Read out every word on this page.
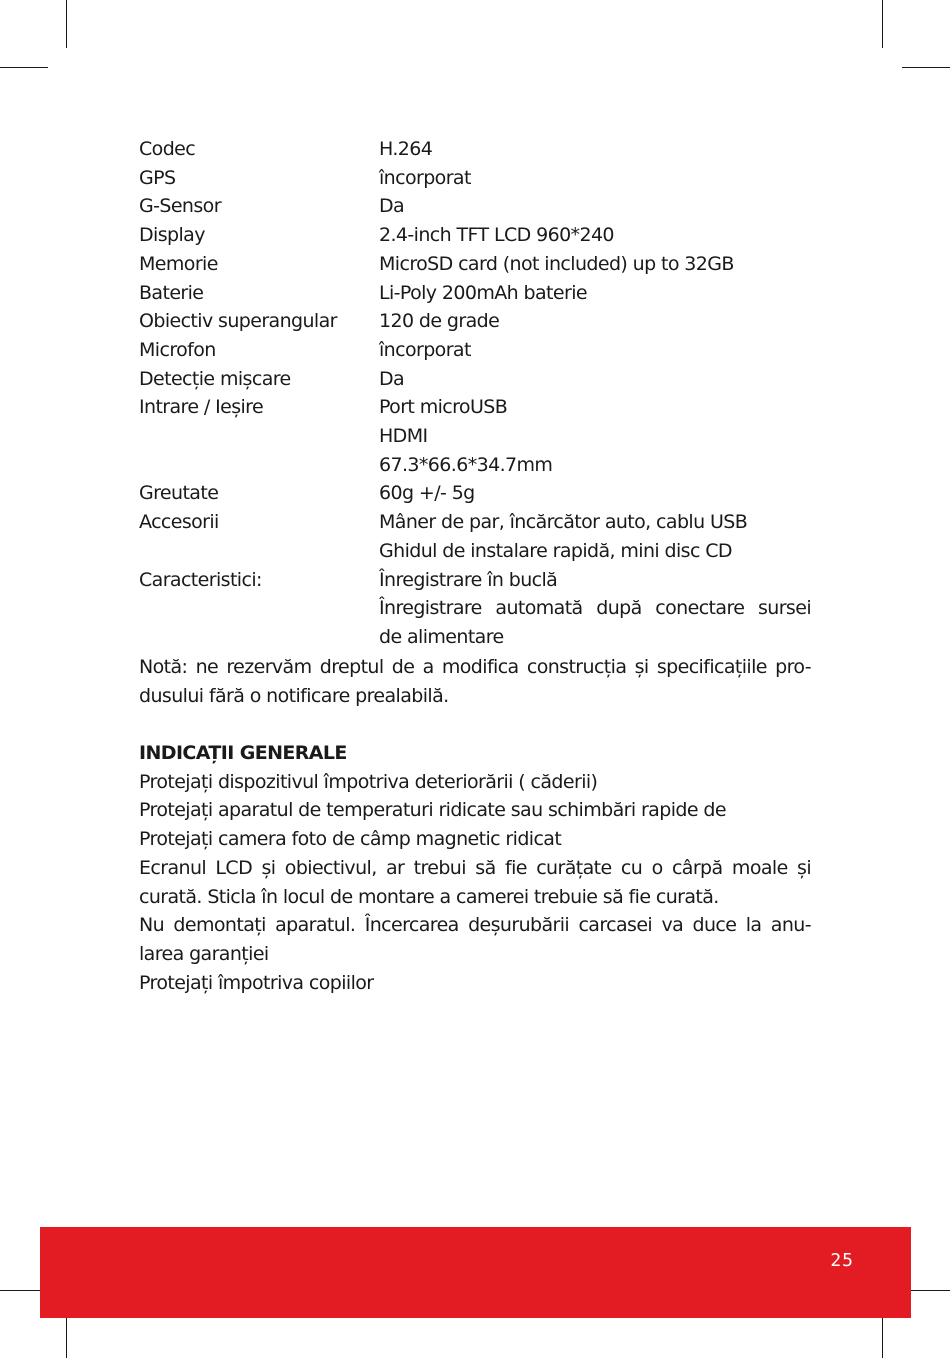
Codec	H.264
GPS	încorporat
G-Sensor	Da
Display	2.4-inch TFT LCD 960*240
Memorie	MicroSD card (not included) up to 32GB
Baterie	Li-Poly 200mAh baterie
Obiectiv superangular	120 de grade
Microfon	încorporat
Detecție mișcare	Da
Intrare / Ieșire	Port microUSB
HDMI
67.3*66.6*34.7mm
Greutate	60g +/- 5g
Accesorii	Mâner de par, încărcător auto, cablu USB
Ghidul de instalare rapidă, mini disc CD
Caracteristici:	Înregistrare în buclă
Înregistrare automată după conectare sursei
de alimentare
Notă: ne rezervăm dreptul de a modifica construcția și specificațiile pro-
dusului fără o notificare prealabilă.
INDICAȚII GENERALE
Protejați dispozitivul împotriva deteriorării ( căderii)
Protejați aparatul de temperaturi ridicate sau schimbări rapide de
Protejați camera foto de câmp magnetic ridicat
Ecranul LCD și obiectivul, ar trebui să fie curățate cu o cârpă moale și
curată. Sticla în locul de montare a camerei trebuie să fie curată.
Nu demontați aparatul. Încercarea deșurubării carcasei va duce la anu-
larea garanției
Protejați împotriva copiilor
25
